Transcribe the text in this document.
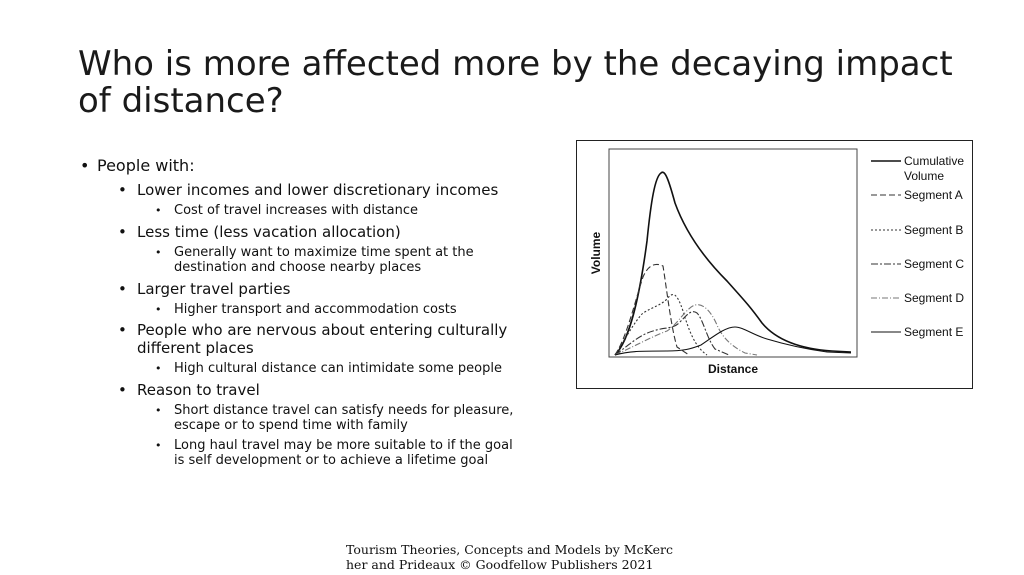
Who is more affected more by the decaying impact of distance?
• People with:
• Lower incomes and lower discretionary incomes
• Cost of travel increases with distance
• Less time (less vacation allocation)
• Generally want to maximize time spent at the destination and choose nearby places
• Larger travel parties
• Higher transport and accommodation costs
• People who are nervous about entering culturally different places
• High cultural distance can intimidate some people
• Reason to travel
• Short distance travel can satisfy needs for pleasure, escape or to spend time with family
• Long haul travel may be more suitable to if the goal is self development or to achieve a lifetime goal
Volume
Distance
Cumulative
Volume
Segment A
Segment B
Segment C
Segment D
Segment E
Tourism Theories, Concepts and Models by McKercher and Prideaux © Goodfellow Publishers 2021
